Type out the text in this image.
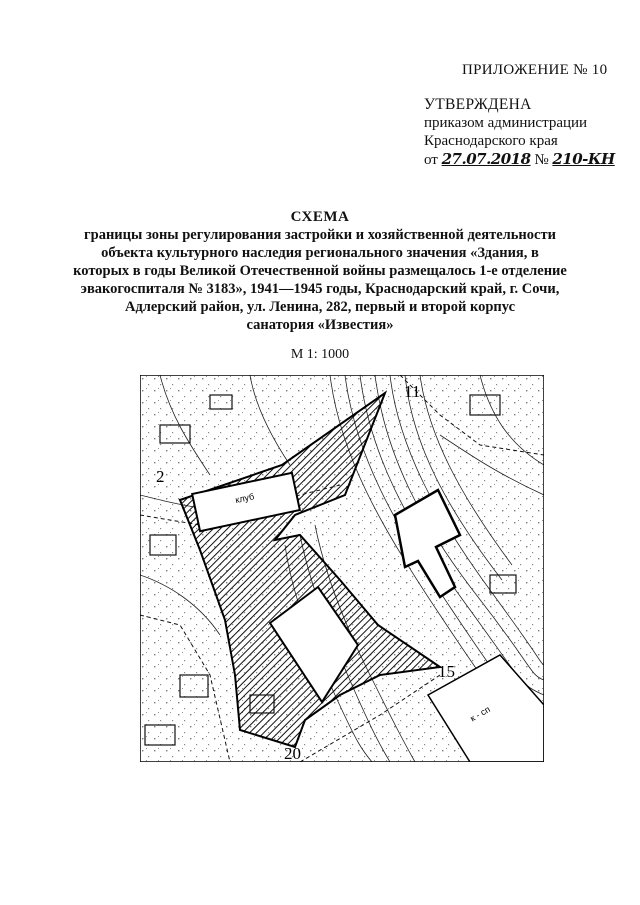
ПРИЛОЖЕНИЕ № 10
УТВЕРЖДЕНА
приказом администрации
Краснодарского края
от 27.07.2018 № 210-КН
СХЕМА
границы зоны регулирования застройки и хозяйственной деятельности
объекта культурного наследия регионального значения «Здания, в
которых в годы Великой Отечественной войны размещалось 1-е отделение
эвакогоспиталя № 3183», 1941—1945 годы, Краснодарский край, г. Сочи,
Адлерский район, ул. Ленина, 282, первый и второй корпус
санатория «Известия»
М 1: 1000
клуб
к - сп
11
2
15
20
